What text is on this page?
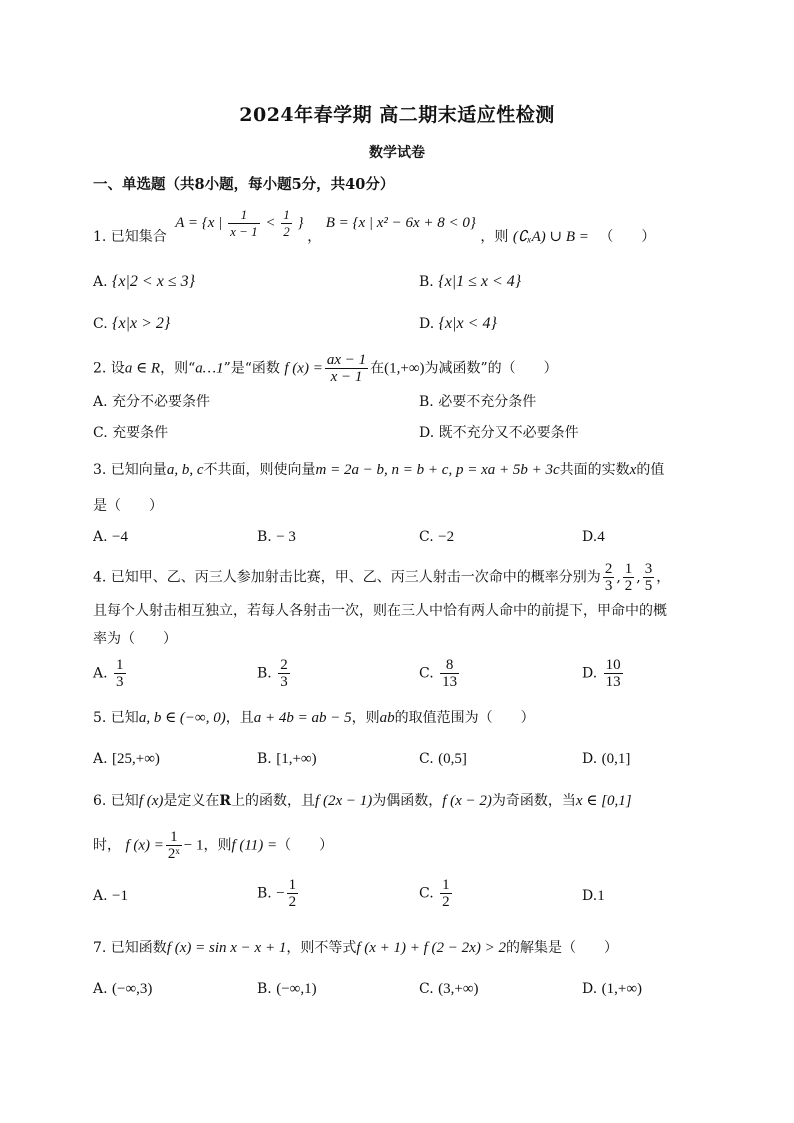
2024年春学期 高二期末适应性检测
数学试卷
一、单选题（共8小题，每小题5分，共40分）
1. 已知集合 A = {x | $\frac{1}{x - 1} < \frac{1}{2}$ } ， B = {x | x² − 6x + 8 < 0} ，则 (∁ₓA) ∪ B = （　　）
A. {x|2 < x ≤ 3}	B. {x|1 ≤ x < 4}
C. {x|x > 2}	D. {x|x < 4}
2. 设a ∈ R，则“a…1”是“函数 f $(x) = \frac{ax - 1}{x - 1}$ 在(1,+∞)为减函数”的（　　）
A. 充分不必要条件	B. 必要不充分条件
C. 充要条件	D. 既不充分又不必要条件
3. 已知向量a, b, c不共面，则使向量m = 2a − b, n = b + c, p = xa + 5b + 3c共面的实数x的值
是（　　）
A. −4	B. − 3	C. −2	D.4
4. 已知甲、乙、丙三人参加射击比赛，甲、乙、丙三人射击一次命中的概率分别为 $\frac{2}{3}$ , $\frac{1}{2}$ , $\frac{3}{5}$ ，
且每个人射击相互独立，若每人各射击一次，则在三人中恰有两人命中的前提下，甲命中的概
率为（　　）
A. $\frac{1}{3}$	B. $\frac{2}{3}$	C. $\frac{8}{13}$	D. $\frac{10}{13}$
5. 已知a, b ∈ (−∞, 0)，且a + 4b = ab − 5，则ab的取值范围为（　　）
A. [25,+∞)	B. [1,+∞)	C. (0,5]	D. (0,1]
6. 已知f (x)是定义在R上的函数，且f (2x − 1)为偶函数，f (x − 2)为奇函数，当x ∈ [0,1]
时， f $(x) = \frac{1}{\text{2ˣ}} - 1$，则f (11) =（　　）
A. −1	B. − $\frac{1}{2}$	C. $\frac{1}{2}$	D.1
7. 已知函数f (x) = sin x − x + 1，则不等式f (x + 1) + f (2 − 2x) > 2的解集是（　　）
A. (−∞,3)	B. (−∞,1)	C. (3,+∞)	D. (1,+∞)
